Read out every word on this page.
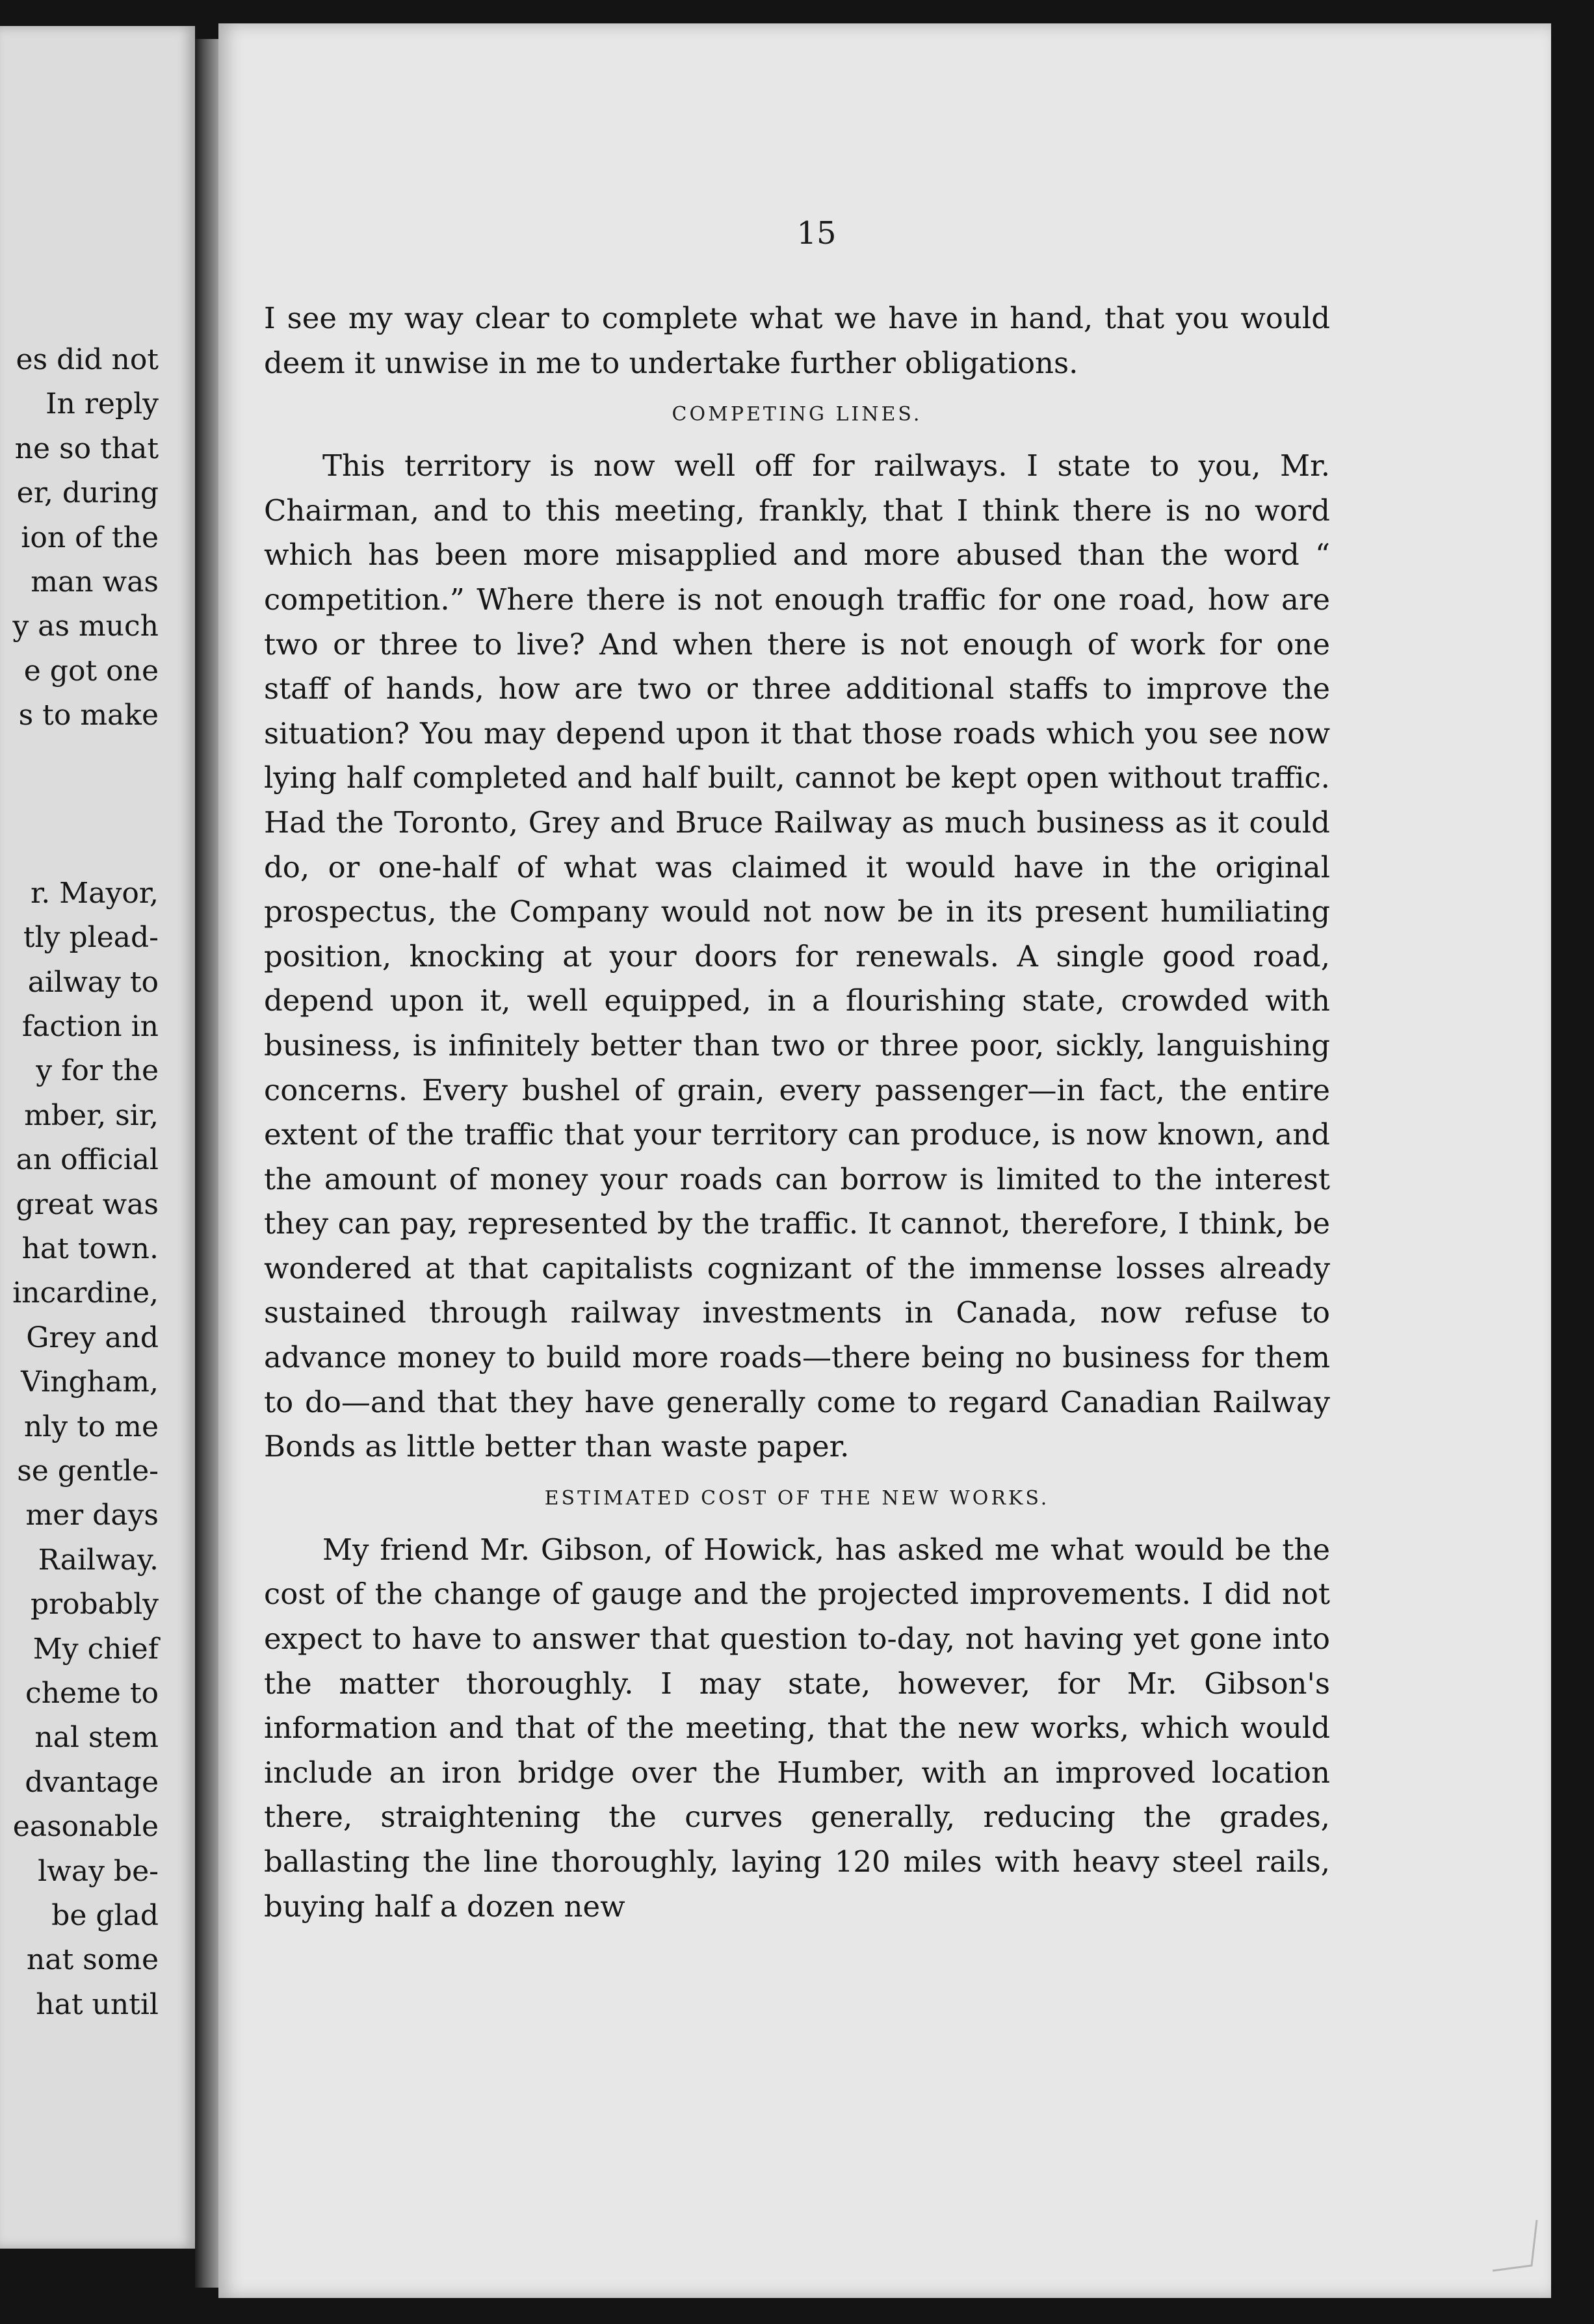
es did not
In reply
ne so that
er, during
ion of the
man was
y as much
e got one
s to make
r. Mayor,
tly plead-
ailway to
faction in
y for the
mber, sir,
an official
great was
hat town.
incardine,
Grey and
Vingham,
nly to me
se gentle-
mer days
Railway.
probably
My chief
cheme to
nal stem
dvantage
easonable
lway be-
be glad
nat some
hat until
15

I see my way clear to complete what we have in hand, that you would deem it unwise in me to undertake further obligations.

COMPETING LINES.

This territory is now well off for railways. I state to you, Mr. Chairman, and to this meeting, frankly, that I think there is no word which has been more misapplied and more abused than the word “ competition.” Where there is not enough traffic for one road, how are two or three to live? And when there is not enough of work for one staff of hands, how are two or three additional staffs to improve the situation? You may depend upon it that those roads which you see now lying half completed and half built, cannot be kept open without traffic. Had the Toronto, Grey and Bruce Railway as much business as it could do, or one-half of what was claimed it would have in the original prospectus, the Company would not now be in its present humiliating position, knocking at your doors for renewals. A single good road, depend upon it, well equipped, in a flourishing state, crowded with business, is infinitely better than two or three poor, sickly, languishing concerns. Every bushel of grain, every passenger—in fact, the entire extent of the traffic that your territory can produce, is now known, and the amount of money your roads can borrow is limited to the interest they can pay, represented by the traffic. It cannot, therefore, I think, be wondered at that capitalists cognizant of the immense losses already sustained through railway investments in Canada, now refuse to advance money to build more roads—there being no business for them to do—and that they have generally come to regard Canadian Railway Bonds as little better than waste paper.

ESTIMATED COST OF THE NEW WORKS.

My friend Mr. Gibson, of Howick, has asked me what would be the cost of the change of gauge and the projected improvements. I did not expect to have to answer that question to-day, not having yet gone into the matter thoroughly. I may state, however, for Mr. Gibson's information and that of the meeting, that the new works, which would include an iron bridge over the Humber, with an improved location there, straightening the curves generally, reducing the grades, ballasting the line thoroughly, laying 120 miles with heavy steel rails, buying half a dozen new
